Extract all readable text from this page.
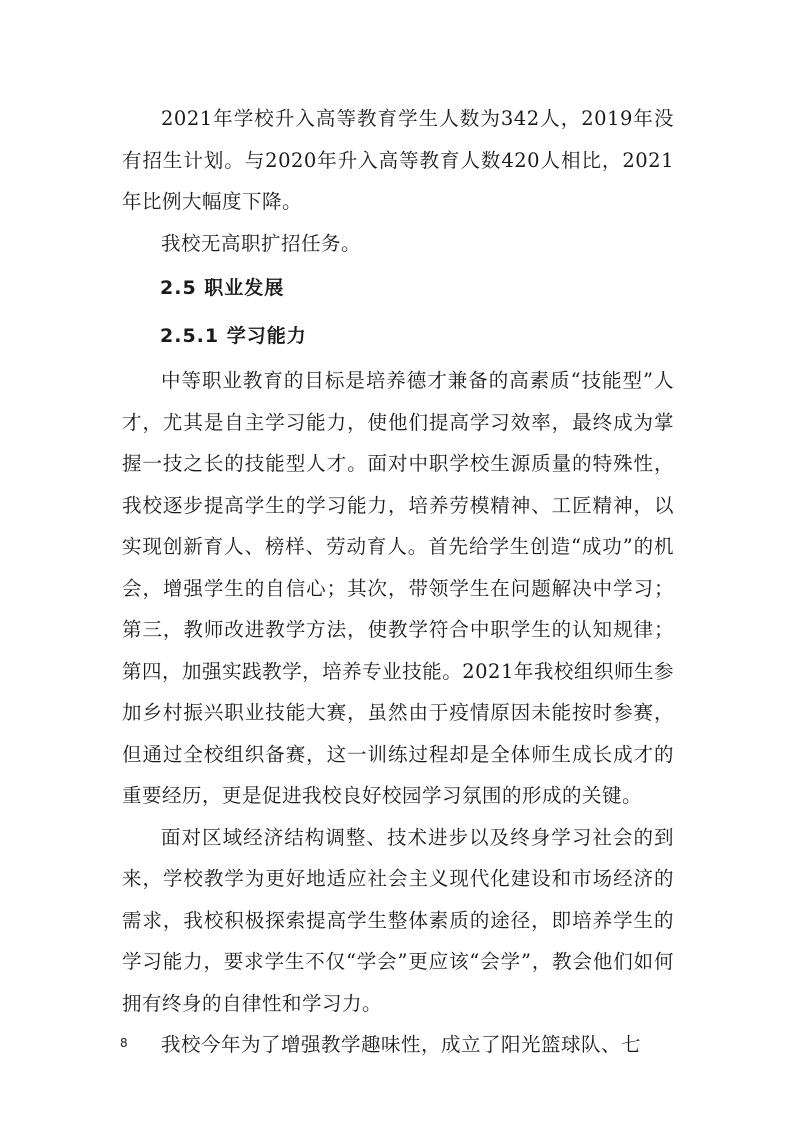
2021年学校升入高等教育学生人数为342人，2019年没有招生计划。与2020年升入高等教育人数420人相比，2021年比例大幅度下降。

我校无高职扩招任务。

2.5 职业发展
2.5.1 学习能力

中等职业教育的目标是培养德才兼备的高素质“技能型”人才，尤其是自主学习能力，使他们提高学习效率，最终成为掌握一技之长的技能型人才。面对中职学校生源质量的特殊性，我校逐步提高学生的学习能力，培养劳模精神、工匠精神，以实现创新育人、榜样、劳动育人。首先给学生创造“成功”的机会，增强学生的自信心；其次，带领学生在问题解决中学习；第三，教师改进教学方法，使教学符合中职学生的认知规律；第四，加强实践教学，培养专业技能。2021年我校组织师生参加乡村振兴职业技能大赛，虽然由于疫情原因未能按时参赛，但通过全校组织备赛，这一训练过程却是全体师生成长成才的重要经历，更是促进我校良好校园学习氛围的形成的关键。

面对区域经济结构调整、技术进步以及终身学习社会的到来，学校教学为更好地适应社会主义现代化建设和市场经济的需求，我校积极探索提高学生整体素质的途径，即培养学生的学习能力，要求学生不仅“学会”更应该“会学”，教会他们如何拥有终身的自律性和学习力。

我校今年为了增强教学趣味性，成立了阳光篮球队、七

8
